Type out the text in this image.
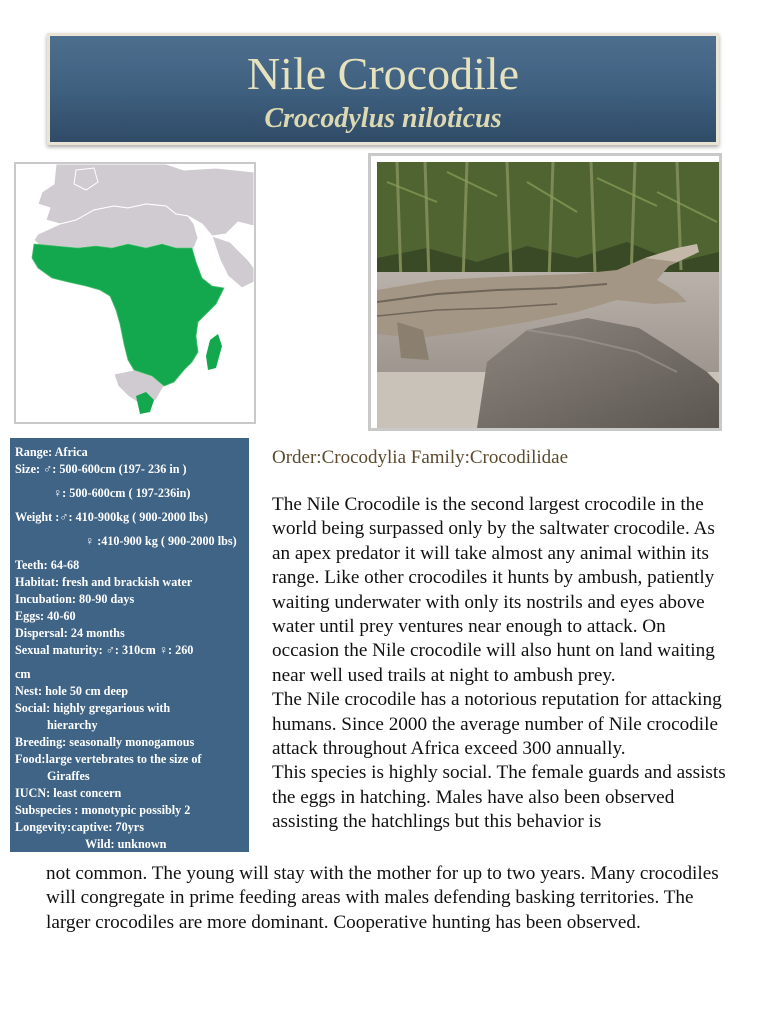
Nile Crocodile
Crocodylus niloticus
Range: Africa
Size: ♂: 500-600cm (197- 236 in )
♀: 500-600cm ( 197-236in)
Weight :♂: 410-900kg ( 900-2000 lbs)
♀ :410-900 kg ( 900-2000 lbs)
Teeth: 64-68
Habitat: fresh and brackish water
Incubation: 80-90 days
Eggs: 40-60
Dispersal: 24 months
Sexual maturity: ♂: 310cm ♀: 260
cm
Nest: hole 50 cm deep
Social: highly gregarious with
hierarchy
Breeding: seasonally monogamous
Food:large vertebrates to the size of
Giraffes
IUCN: least concern
Subspecies : monotypic possibly 2
Longevity:captive: 70yrs
Wild: unknown
Order:Crocodylia Family:Crocodilidae

The Nile Crocodile is the second largest crocodile in the world being surpassed only by the saltwater crocodile. As an apex predator it will take almost any animal within its range. Like other crocodiles it hunts by ambush, patiently waiting underwater with only its nostrils and eyes above water until prey ventures near enough to attack. On occasion the Nile crocodile will also hunt on land waiting near well used trails at night to ambush prey.

The Nile crocodile has a notorious reputation for attacking humans. Since 2000 the average number of Nile crocodile attack throughout Africa exceed 300 annually.

This species is highly social. The female guards and assists the eggs in hatching. Males have also been observed assisting the hatchlings but this behavior is

not common. The young will stay with the mother for up to two years. Many crocodiles will congregate in prime feeding areas with males defending basking territories. The larger crocodiles are more dominant. Cooperative hunting has been observed.
